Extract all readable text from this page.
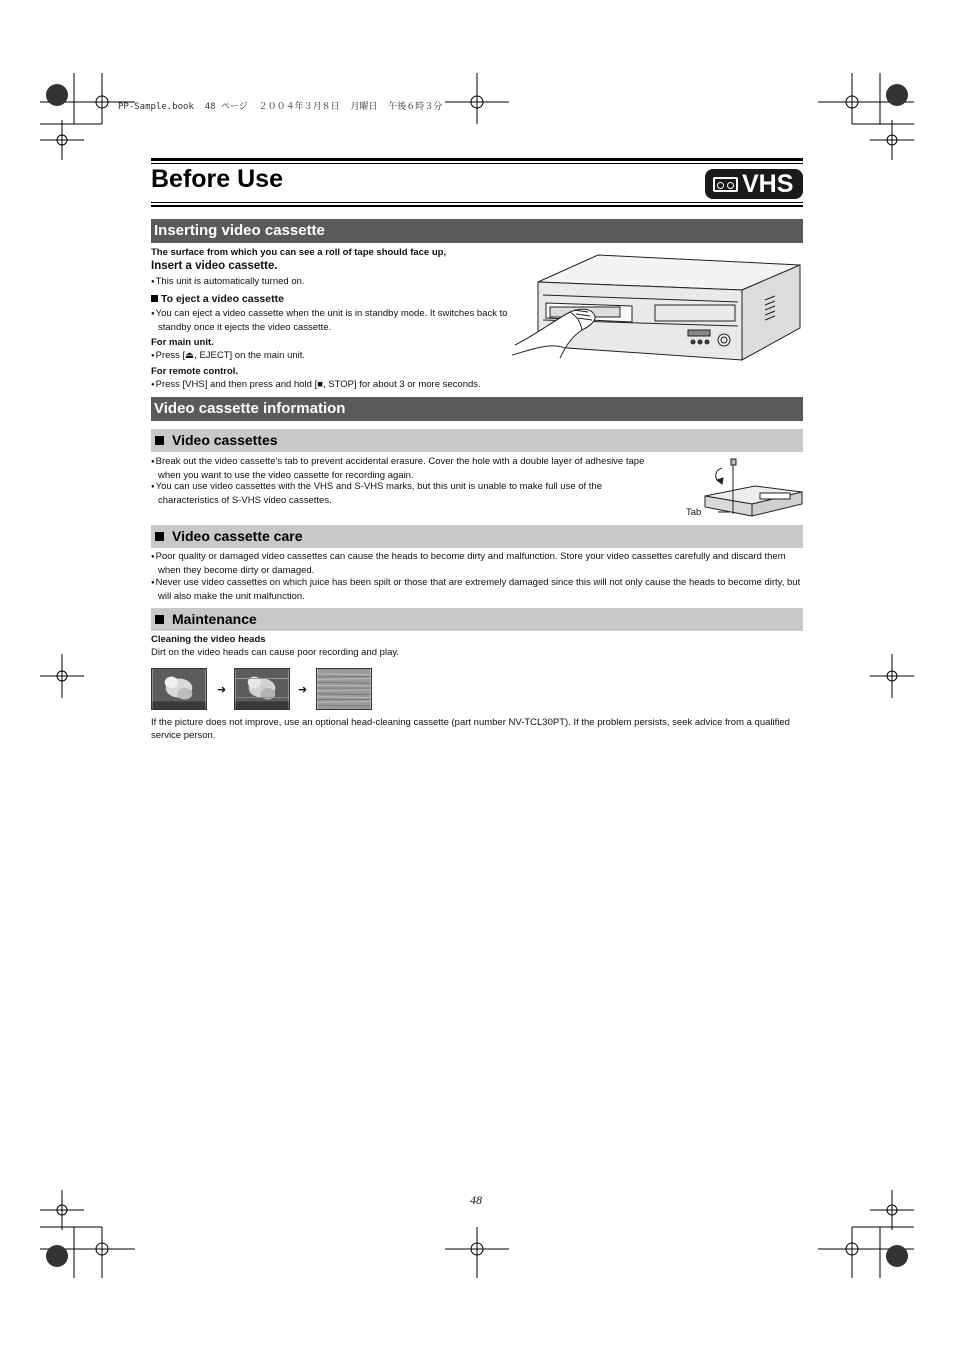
PP-Sample.book  48 ページ  ２００４年３月８日  月曜日  午後６時３分
Before Use	VHS
Inserting video cassette
The surface from which you can see a roll of tape should face up,
Insert a video cassette.
● This unit is automatically turned on.
To eject a video cassette
● You can eject a video cassette when the unit is in standby mode. It switches back to standby once it ejects the video cassette.
For main unit.
● Press [⏏, EJECT] on the main unit.
For remote control.
● Press [VHS] and then press and hold [■, STOP] for about 3 or more seconds.
Video cassette information
Video cassettes
● Break out the video cassette's tab to prevent accidental erasure. Cover the hole with a double layer of adhesive tape when you want to use the video cassette for recording again.
● You can use video cassettes with the VHS and S-VHS marks, but this unit is unable to make full use of the characteristics of S-VHS video cassettes.
Tab
Video cassette care
● Poor quality or damaged video cassettes can cause the heads to become dirty and malfunction. Store your video cassettes carefully and discard them when they become dirty or damaged.
● Never use video cassettes on which juice has been spilt or those that are extremely damaged since this will not only cause the heads to become dirty, but will also make the unit malfunction.
Maintenance
Cleaning the video heads
Dirt on the video heads can cause poor recording and play.
➜	➜
If the picture does not improve, use an optional head-cleaning cassette (part number NV-TCL30PT). If the problem persists, seek advice from a qualified service person.
48
